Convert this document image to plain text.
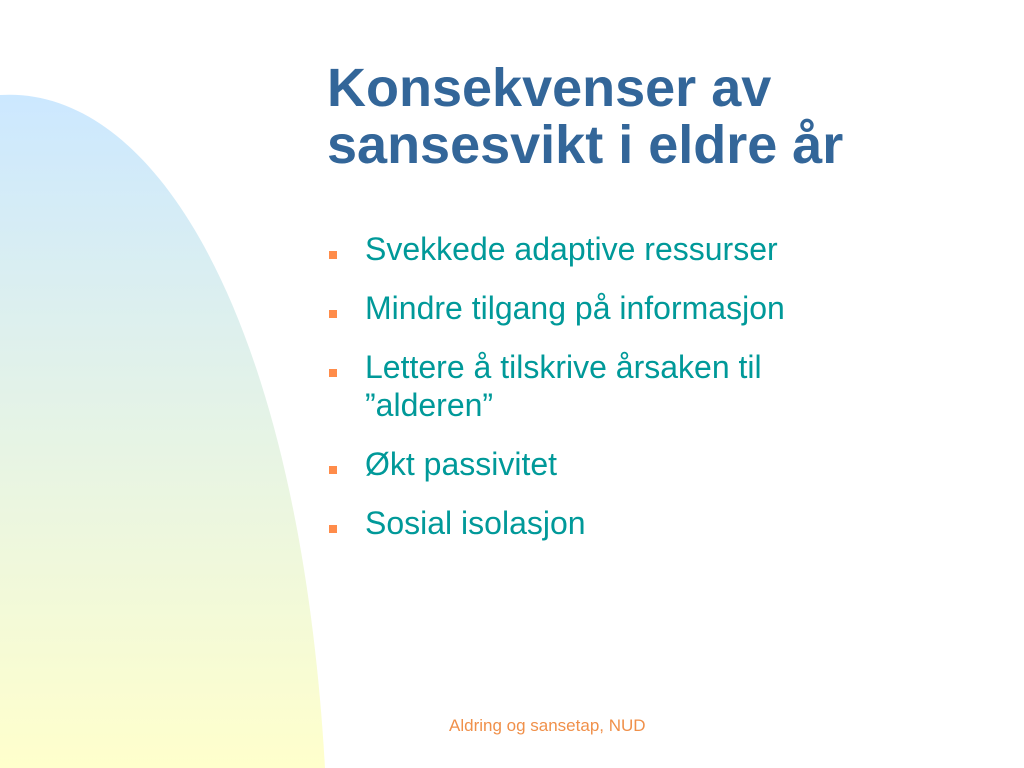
Konsekvenser av
sansesvikt i eldre år
Svekkede adaptive ressurser
Mindre tilgang på informasjon
Lettere å tilskrive årsaken til
”alderen”
Økt passivitet
Sosial isolasjon
Aldring og sansetap, NUD
